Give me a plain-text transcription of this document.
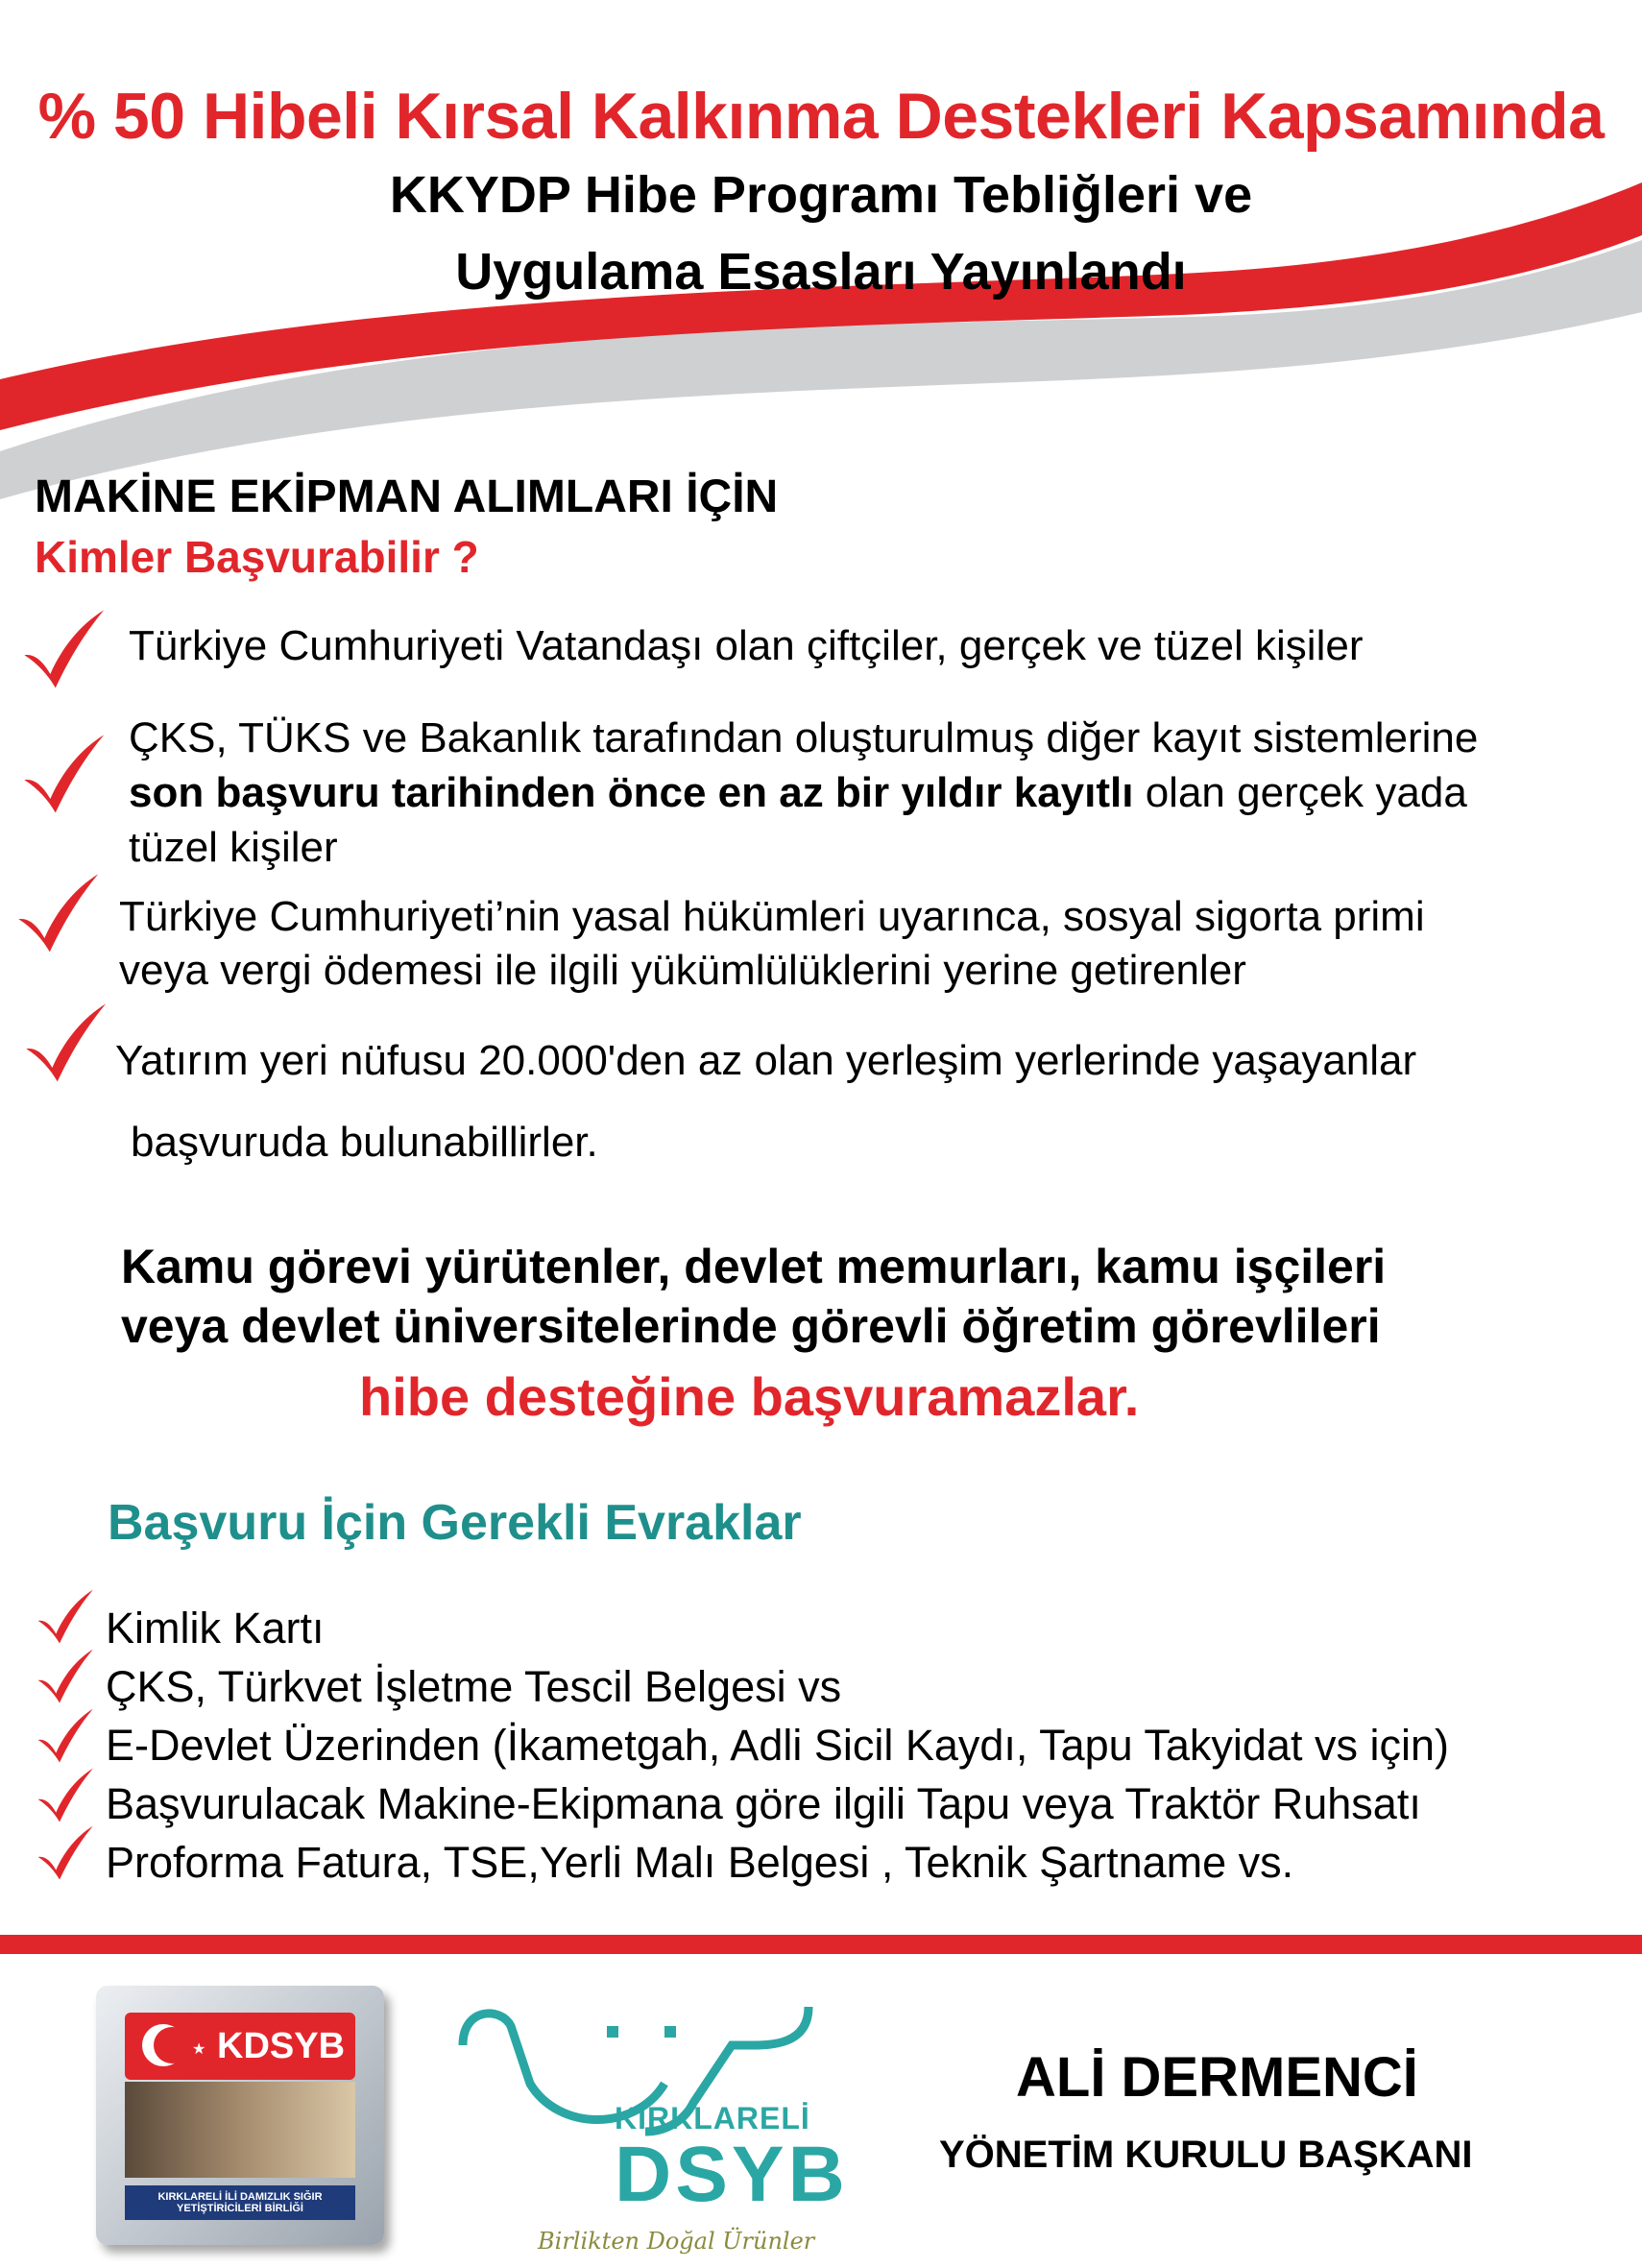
% 50 Hibeli Kırsal Kalkınma Destekleri Kapsamında
KKYDP Hibe Programı Tebliğleri ve
Uygulama Esasları Yayınlandı
MAKİNE EKİPMAN ALIMLARI İÇİN
Kimler Başvurabilir ?
Türkiye Cumhuriyeti Vatandaşı olan çiftçiler, gerçek ve tüzel kişiler
ÇKS, TÜKS ve Bakanlık tarafından oluşturulmuş diğer kayıt sistemlerine
son başvuru tarihinden önce en az bir yıldır kayıtlı olan gerçek yada
tüzel kişiler
Türkiye Cumhuriyeti’nin yasal hükümleri uyarınca, sosyal sigorta primi
veya vergi ödemesi ile ilgili yükümlülüklerini yerine getirenler
Yatırım yeri nüfusu 20.000'den az olan yerleşim yerlerinde yaşayanlar
başvuruda bulunabillirler.
Kamu görevi yürütenler, devlet memurları, kamu işçileri
veya devlet üniversitelerinde görevli öğretim görevlileri
hibe desteğine başvuramazlar.
Başvuru İçin Gerekli Evraklar
Kimlik Kartı
ÇKS, Türkvet İşletme Tescil Belgesi vs
E-Devlet Üzerinden (İkametgah, Adli Sicil Kaydı, Tapu Takyidat vs için)
Başvurulacak Makine-Ekipmana göre ilgili Tapu veya Traktör Ruhsatı
Proforma Fatura, TSE,Yerli Malı Belgesi , Teknik Şartname vs.
★ KDSYB
KIRKLARELİ İLİ DAMIZLIK SIĞIR YETİŞTİRİCİLERİ BİRLİĞİ
KIRKLARELİ
DSYB
Birlikten Doğal Ürünler
ALİ DERMENCİ
YÖNETİM KURULU BAŞKANI
